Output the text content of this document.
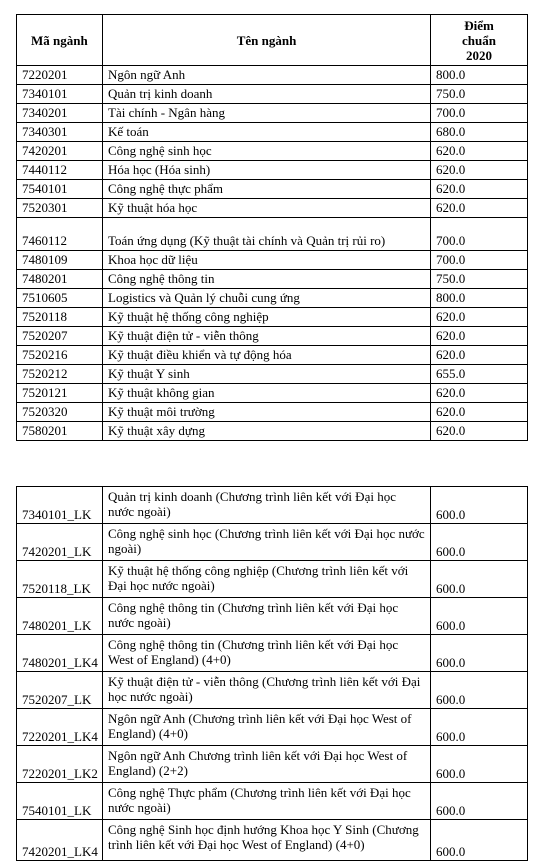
Mã ngành	Tên ngành	Điểm
chuẩn
2020

7220201	Ngôn ngữ Anh	800.0
7340101	Quản trị kinh doanh	750.0
7340201	Tài chính - Ngân hàng	700.0
7340301	Kế toán	680.0
7420201	Công nghệ sinh học	620.0
7440112	Hóa học (Hóa sinh)	620.0
7540101	Công nghệ thực phẩm	620.0
7520301	Kỹ thuật hóa học	620.0
7460112	Toán ứng dụng (Kỹ thuật tài chính và Quản trị rủi ro)	700.0
7480109	Khoa học dữ liệu	700.0
7480201	Công nghệ thông tin	750.0
7510605	Logistics và Quản lý chuỗi cung ứng	800.0
7520118	Kỹ thuật hệ thống công nghiệp	620.0
7520207	Kỹ thuật điện tử - viễn thông	620.0
7520216	Kỹ thuật điều khiển và tự động hóa	620.0
7520212	Kỹ thuật Y sinh	655.0
7520121	Kỹ thuật không gian	620.0
7520320	Kỹ thuật môi trường	620.0
7580201	Kỹ thuật xây dựng	620.0
7340101_LK	Quản trị kinh doanh (Chương trình liên kết với Đại học nước ngoài)	600.0
7420201_LK	Công nghệ sinh học (Chương trình liên kết với Đại học nước ngoài)	600.0
7520118_LK	Kỹ thuật hệ thống công nghiệp (Chương trình liên kết với Đại học nước ngoài)	600.0
7480201_LK	Công nghệ thông tin (Chương trình liên kết với Đại học nước ngoài)	600.0
7480201_LK4	Công nghệ thông tin (Chương trình liên kết với Đại học West of England) (4+0)	600.0
7520207_LK	Kỹ thuật điện tử - viễn thông (Chương trình liên kết với Đại học nước ngoài)	600.0
7220201_LK4	Ngôn ngữ Anh (Chương trình liên kết với Đại học West of England) (4+0)	600.0
7220201_LK2	Ngôn ngữ Anh Chương trình liên kết với Đại học West of England) (2+2)	600.0
7540101_LK	Công nghệ Thực phẩm (Chương trình liên kết với Đại học nước ngoài)	600.0
7420201_LK4	Công nghệ Sinh học định hướng Khoa học Y Sinh (Chương trình liên kết với Đại học West of England) (4+0)	600.0
